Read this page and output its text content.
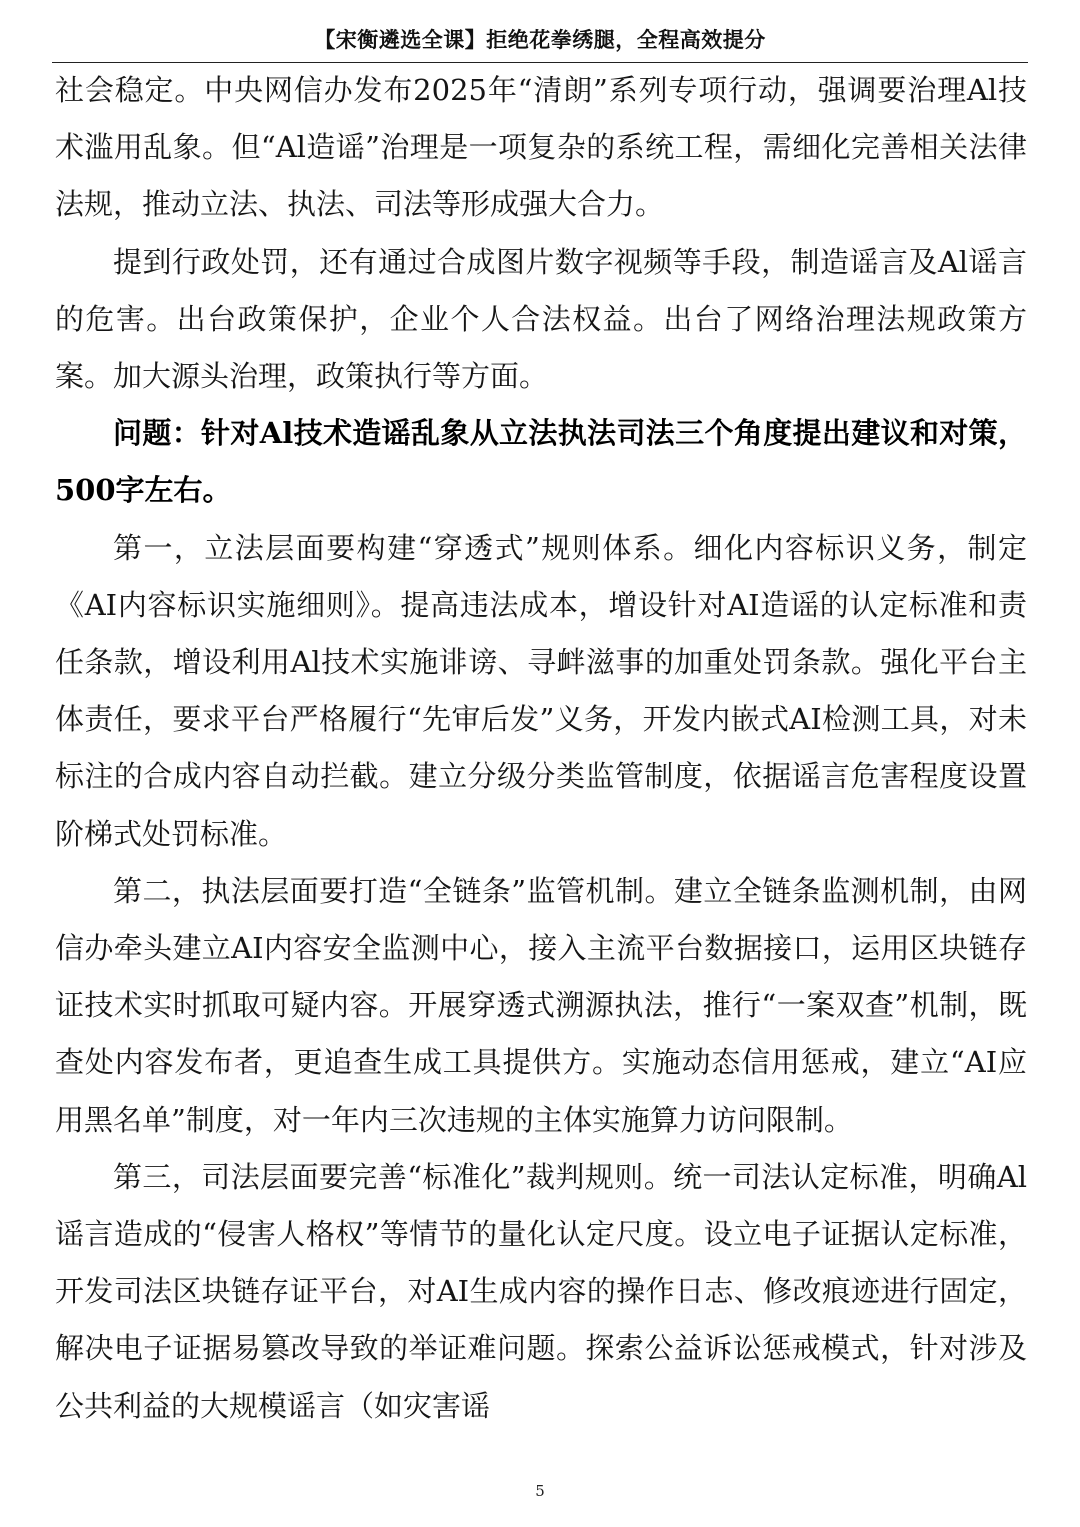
【宋衡遴选全课】拒绝花拳绣腿，全程高效提分

社会稳定。中央网信办发布2025年“清朗”系列专项行动，强调要治理Al技术滥用乱象。但“Al造谣”治理是一项复杂的系统工程，需细化完善相关法律法规，推动立法、执法、司法等形成强大合力。

提到行政处罚，还有通过合成图片数字视频等手段，制造谣言及Al谣言的危害。出台政策保护，企业个人合法权益。出台了网络治理法规政策方案。加大源头治理，政策执行等方面。

问题：针对Al技术造谣乱象从立法执法司法三个角度提出建议和对策，500字左右。

第一，立法层面要构建“穿透式”规则体系。细化内容标识义务，制定《AI内容标识实施细则》。提高违法成本，增设针对AI造谣的认定标准和责任条款，增设利用Al技术实施诽谤、寻衅滋事的加重处罚条款。强化平台主体责任，要求平台严格履行“先审后发”义务，开发内嵌式AI检测工具，对未标注的合成内容自动拦截。建立分级分类监管制度，依据谣言危害程度设置阶梯式处罚标准。

第二，执法层面要打造“全链条”监管机制。建立全链条监测机制，由网信办牵头建立AI内容安全监测中心，接入主流平台数据接口，运用区块链存证技术实时抓取可疑内容。开展穿透式溯源执法，推行“一案双查”机制，既查处内容发布者，更追查生成工具提供方。实施动态信用惩戒，建立“AI应用黑名单”制度，对一年内三次违规的主体实施算力访问限制。

第三，司法层面要完善“标准化”裁判规则。统一司法认定标准，明确Al谣言造成的“侵害人格权”等情节的量化认定尺度。设立电子证据认定标准，开发司法区块链存证平台，对AI生成内容的操作日志、修改痕迹进行固定，解决电子证据易篡改导致的举证难问题。探索公益诉讼惩戒模式，针对涉及公共利益的大规模谣言（如灾害谣

5
